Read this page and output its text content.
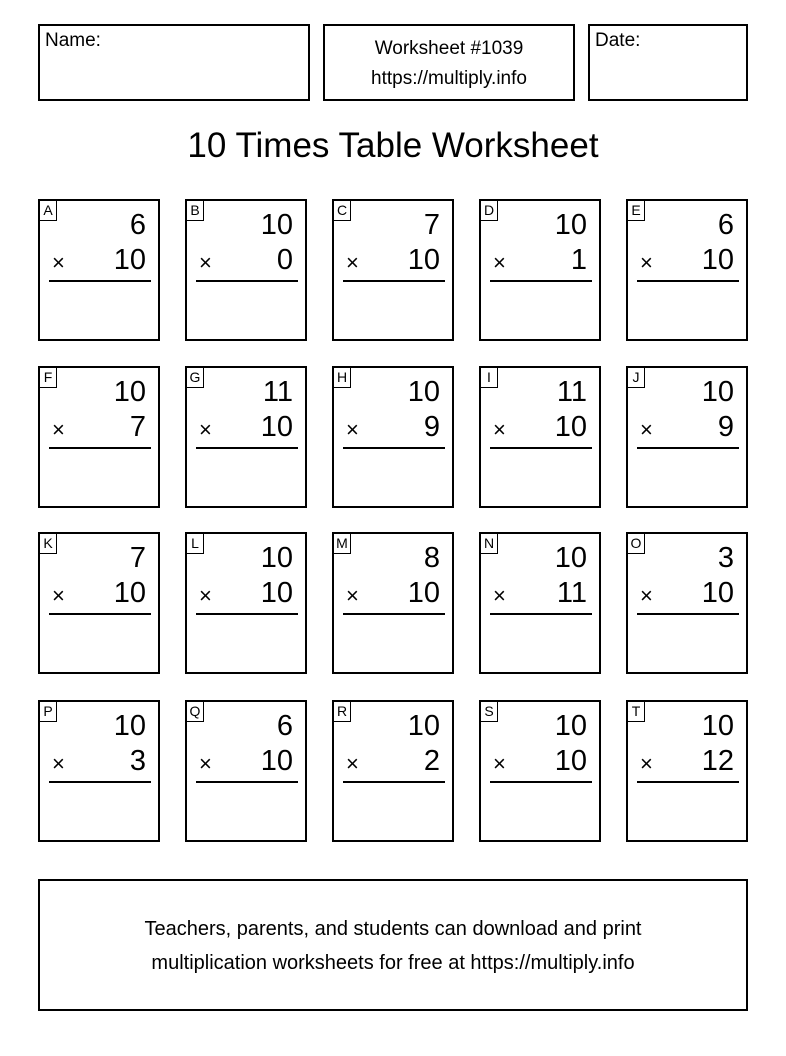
Name:	Worksheet #1039
https://multiply.info
Date:
10 Times Table Worksheet
A	6
× 10
B 10
× 0
C	7
× 10
D 10
× 1
E	6
× 10
F 10
× 7
G 11
× 10
H 10
× 9
I 11
× 10
J 10
× 9
K	7
× 10
L 10
× 10
M	8
× 10
N 10
× 11
O	3
× 10
P 10
× 3
Q	6
× 10
R 10
× 2
S 10
× 10
T 10
× 12
Teachers, parents, and students can download and print
multiplication worksheets for free at https://multiply.info
